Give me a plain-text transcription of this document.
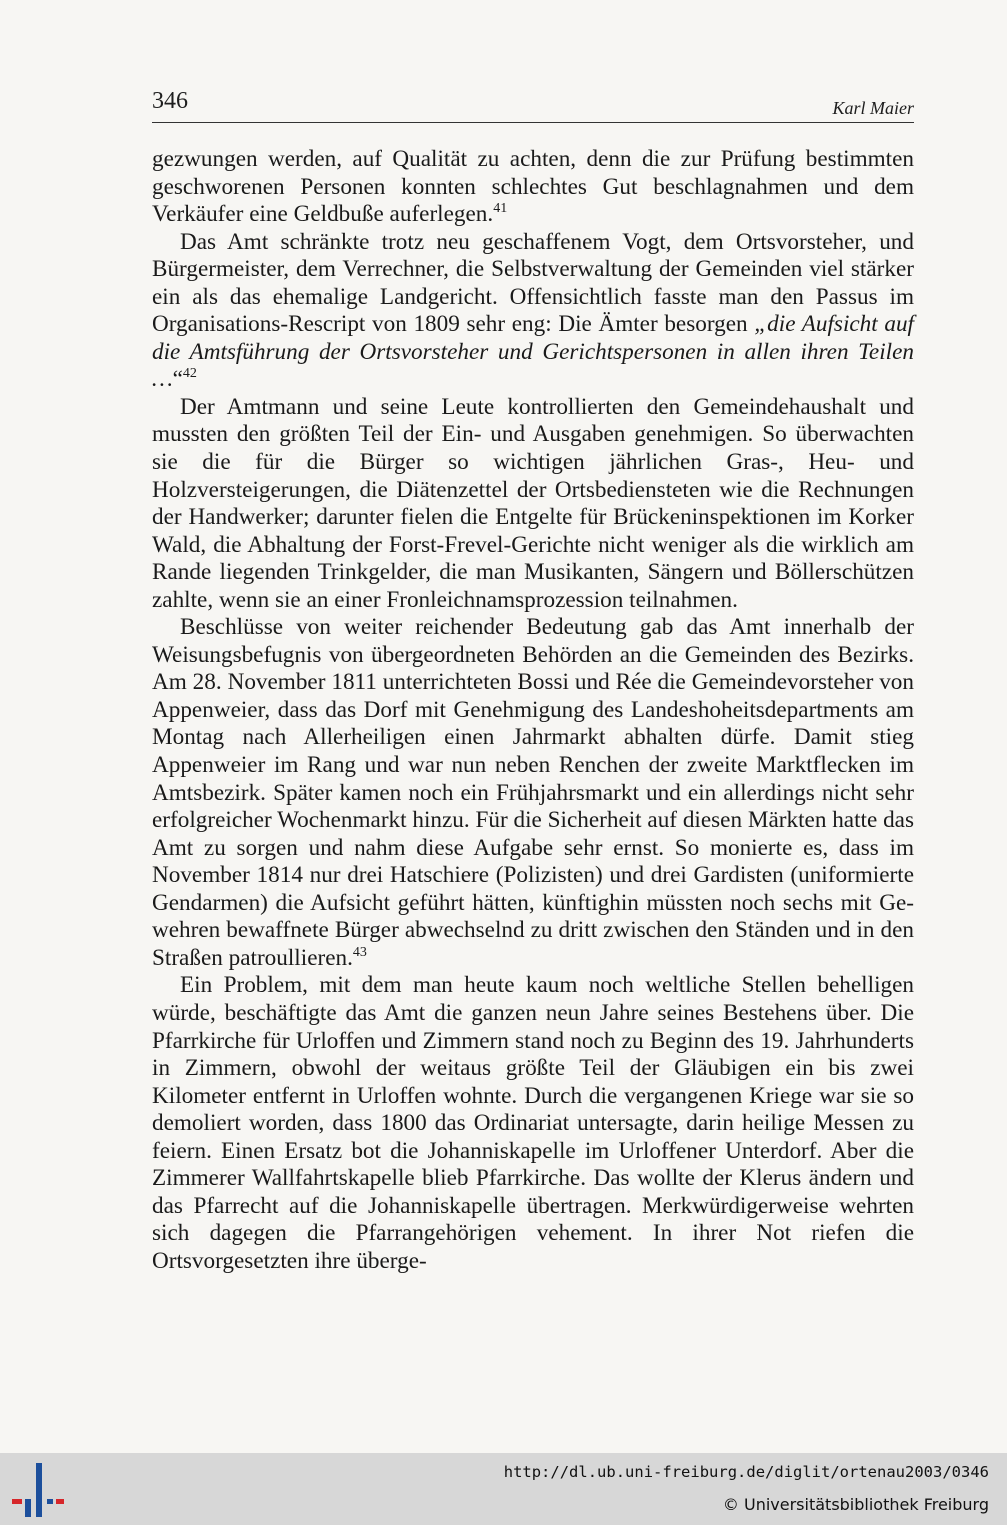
346	Karl Maier

gezwungen werden, auf Qualität zu achten, denn die zur Prüfung bestimmten geschworenen Personen konnten schlechtes Gut beschlagnahmen und dem Verkäufer eine Geldbuße auferlegen.$^{41}$

Das Amt schränkte trotz neu geschaffenem Vogt, dem Ortsvorsteher, und Bürgermeister, dem Verrechner, die Selbstverwaltung der Gemeinden viel stärker ein als das ehemalige Landgericht. Offensichtlich fasste man den Passus im Organisations-Rescript von 1809 sehr eng: Die Ämter besorgen „die Aufsicht auf die Amtsführung der Ortsvorsteher und Gerichtspersonen in allen ihren Teilen …“$^{42}$

Der Amtmann und seine Leute kontrollierten den Gemeindehaushalt und mussten den größten Teil der Ein- und Ausgaben genehmigen. So überwachten sie die für die Bürger so wichtigen jährlichen Gras-, Heu- und Holzversteigerungen, die Diätenzettel der Ortsbediensteten wie die Rechnungen der Handwerker; darunter fielen die Entgelte für Brückeninspektionen im Korker Wald, die Abhaltung der Forst-Frevel-Gerichte nicht weniger als die wirklich am Rande liegenden Trinkgelder, die man Musikanten, Sängern und Böllerschützen zahlte, wenn sie an einer Fronleichnamsprozession teilnahmen.

Beschlüsse von weiter reichender Bedeutung gab das Amt innerhalb der Weisungsbefugnis von übergeordneten Behörden an die Gemeinden des Bezirks. Am 28. November 1811 unterrichteten Bossi und Rée die Gemeindevorsteher von Appenweier, dass das Dorf mit Genehmigung des Landeshoheitsdepartments am Montag nach Allerheiligen einen Jahrmarkt abhalten dürfe. Damit stieg Appenweier im Rang und war nun neben Renchen der zweite Marktflecken im Amtsbezirk. Später kamen noch ein Frühjahrsmarkt und ein allerdings nicht sehr erfolgreicher Wochenmarkt hinzu. Für die Sicherheit auf diesen Märkten hatte das Amt zu sorgen und nahm diese Aufgabe sehr ernst. So monierte es, dass im November 1814 nur drei Hatschiere (Polizisten) und drei Gardisten (uniformierte Gendarmen) die Aufsicht geführt hätten, künftighin müssten noch sechs mit Gewehren bewaffnete Bürger abwechselnd zu dritt zwischen den Ständen und in den Straßen patroullieren.$^{43}$

Ein Problem, mit dem man heute kaum noch weltliche Stellen behelligen würde, beschäftigte das Amt die ganzen neun Jahre seines Bestehens über. Die Pfarrkirche für Urloffen und Zimmern stand noch zu Beginn des 19. Jahrhunderts in Zimmern, obwohl der weitaus größte Teil der Gläubigen ein bis zwei Kilometer entfernt in Urloffen wohnte. Durch die vergangenen Kriege war sie so demoliert worden, dass 1800 das Ordinariat untersagte, darin heilige Messen zu feiern. Einen Ersatz bot die Johanniskapelle im Urloffener Unterdorf. Aber die Zimmerer Wallfahrtskapelle blieb Pfarrkirche. Das wollte der Klerus ändern und das Pfarrecht auf die Johanniskapelle übertragen. Merkwürdigerweise wehrten sich dagegen die Pfarrangehörigen vehement. In ihrer Not riefen die Ortsvorgesetzten ihre überge-

http://dl.ub.uni-freiburg.de/diglit/ortenau2003/0346
© Universitätsbibliothek Freiburg
